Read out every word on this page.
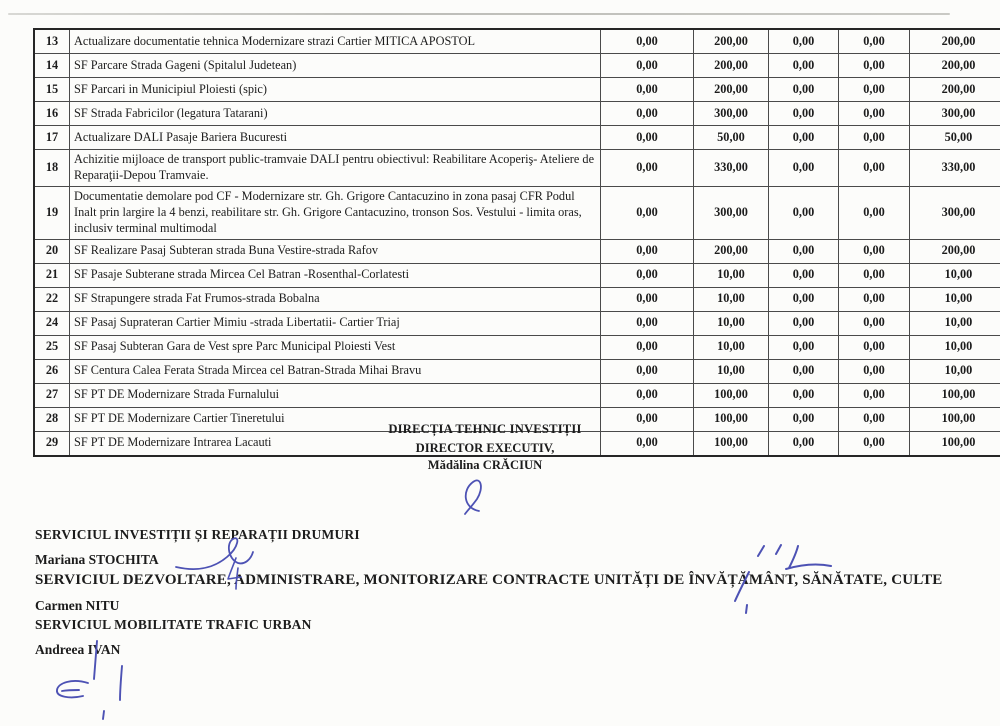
13	Actualizare documentatie tehnica Modernizare strazi Cartier MITICA APOSTOL	0,00	200,00	0,00	0,00	200,00
14	SF Parcare Strada Gageni (Spitalul Judetean)	0,00	200,00	0,00	0,00	200,00
15	SF Parcari in Municipiul Ploiesti (spic)	0,00	200,00	0,00	0,00	200,00
16	SF Strada Fabricilor (legatura Tatarani)	0,00	300,00	0,00	0,00	300,00
17	Actualizare DALI Pasaje Bariera Bucuresti	0,00	50,00	0,00	0,00	50,00
18	Achizitie mijloace de transport public-tramvaie DALI pentru obiectivul: Reabilitare Acoperiş- Ateliere de Reparaţii-Depou Tramvaie.	0,00	330,00	0,00	0,00	330,00
19	Documentatie demolare pod CF - Modernizare str. Gh. Grigore Cantacuzino in zona pasaj CFR Podul Inalt prin largire la 4 benzi, reabilitare str. Gh. Grigore Cantacuzino, tronson Sos. Vestului - limita oras, inclusiv terminal multimodal	0,00	300,00	0,00	0,00	300,00
20	SF Realizare Pasaj Subteran strada Buna Vestire-strada Rafov	0,00	200,00	0,00	0,00	200,00
21	SF Pasaje Subterane strada Mircea Cel Batran -Rosenthal-Corlatesti	0,00	10,00	0,00	0,00	10,00
22	SF Strapungere strada Fat Frumos-strada Bobalna	0,00	10,00	0,00	0,00	10,00
24	SF Pasaj Suprateran Cartier Mimiu -strada Libertatii- Cartier Triaj	0,00	10,00	0,00	0,00	10,00
25	SF Pasaj Subteran Gara de Vest spre Parc Municipal Ploiesti Vest	0,00	10,00	0,00	0,00	10,00
26	SF Centura Calea Ferata Strada Mircea cel Batran-Strada Mihai Bravu	0,00	10,00	0,00	0,00	10,00
27	SF PT DE Modernizare Strada Furnalului	0,00	100,00	0,00	0,00	100,00
28	SF PT DE Modernizare Cartier Tineretului	0,00	100,00	0,00	0,00	100,00
29	SF PT DE Modernizare Intrarea Lacauti	0,00	100,00	0,00	0,00	100,00
DIRECȚIA TEHNIC INVESTIȚII
DIRECTOR EXECUTIV,
Mădălina CRĂCIUN
SERVICIUL INVESTIȚII ȘI REPARAȚII DRUMURI
Mariana STOCHITA
SERVICIUL DEZVOLTARE, ADMINISTRARE, MONITORIZARE CONTRACTE UNITĂȚI DE ÎNVĂȚĂMÂNT, SĂNĂTATE, CULTE
Carmen NITU
SERVICIUL MOBILITATE TRAFIC URBAN
Andreea IVAN
